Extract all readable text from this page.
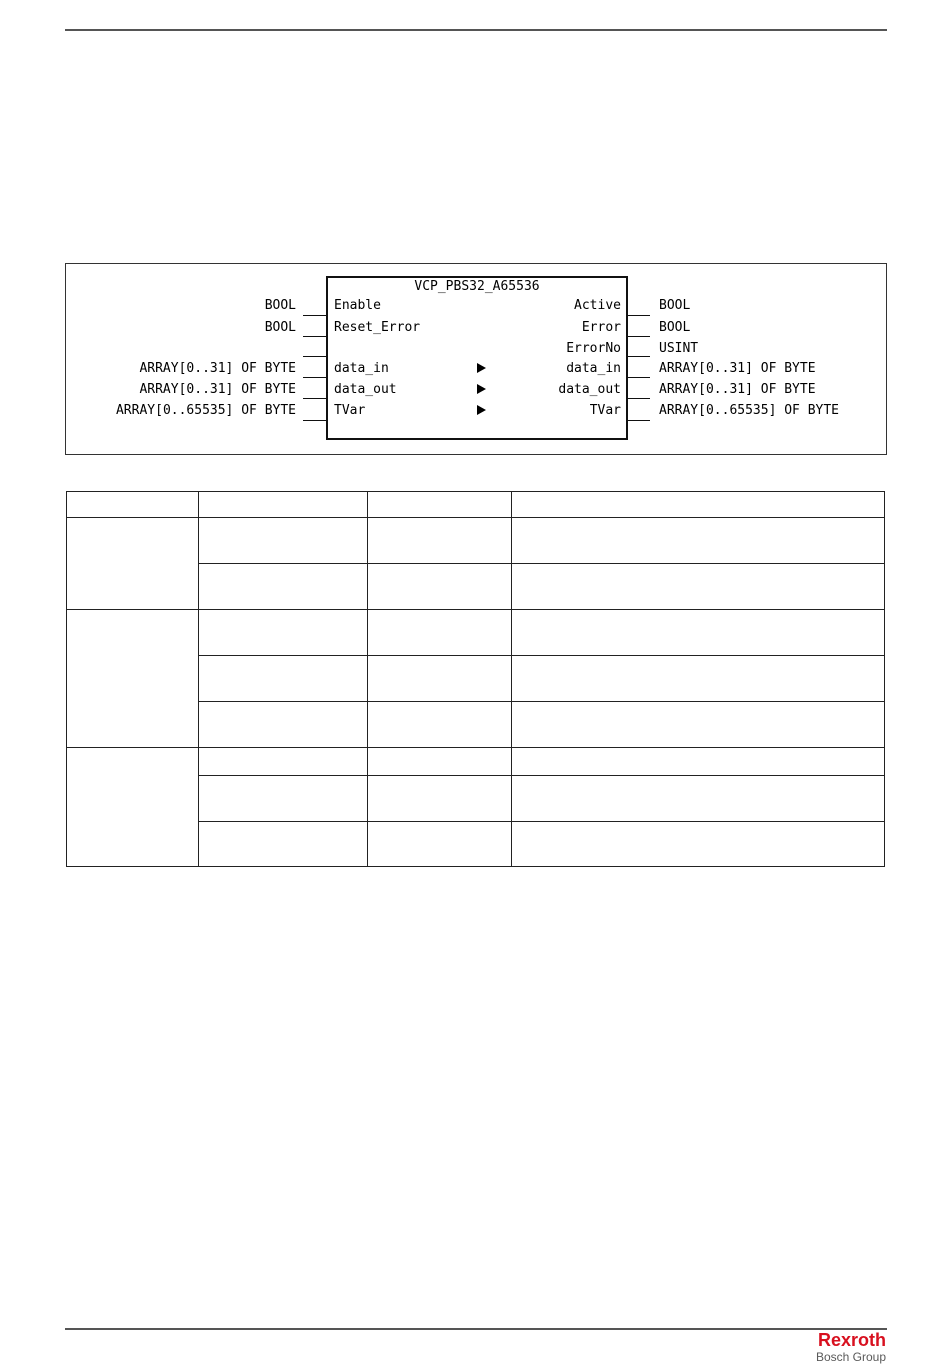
VCP_PBS32_A65536
BOOL
BOOL
ARRAY[0..31] OF BYTE
ARRAY[0..31] OF BYTE
ARRAY[0..65535] OF BYTE
Enable
Reset_Error
data_in
data_out
TVar
Active
Error
ErrorNo
data_in
data_out
TVar
BOOL
BOOL
USINT
ARRAY[0..31] OF BYTE
ARRAY[0..31] OF BYTE
ARRAY[0..65535] OF BYTE

Rexroth
Bosch Group
